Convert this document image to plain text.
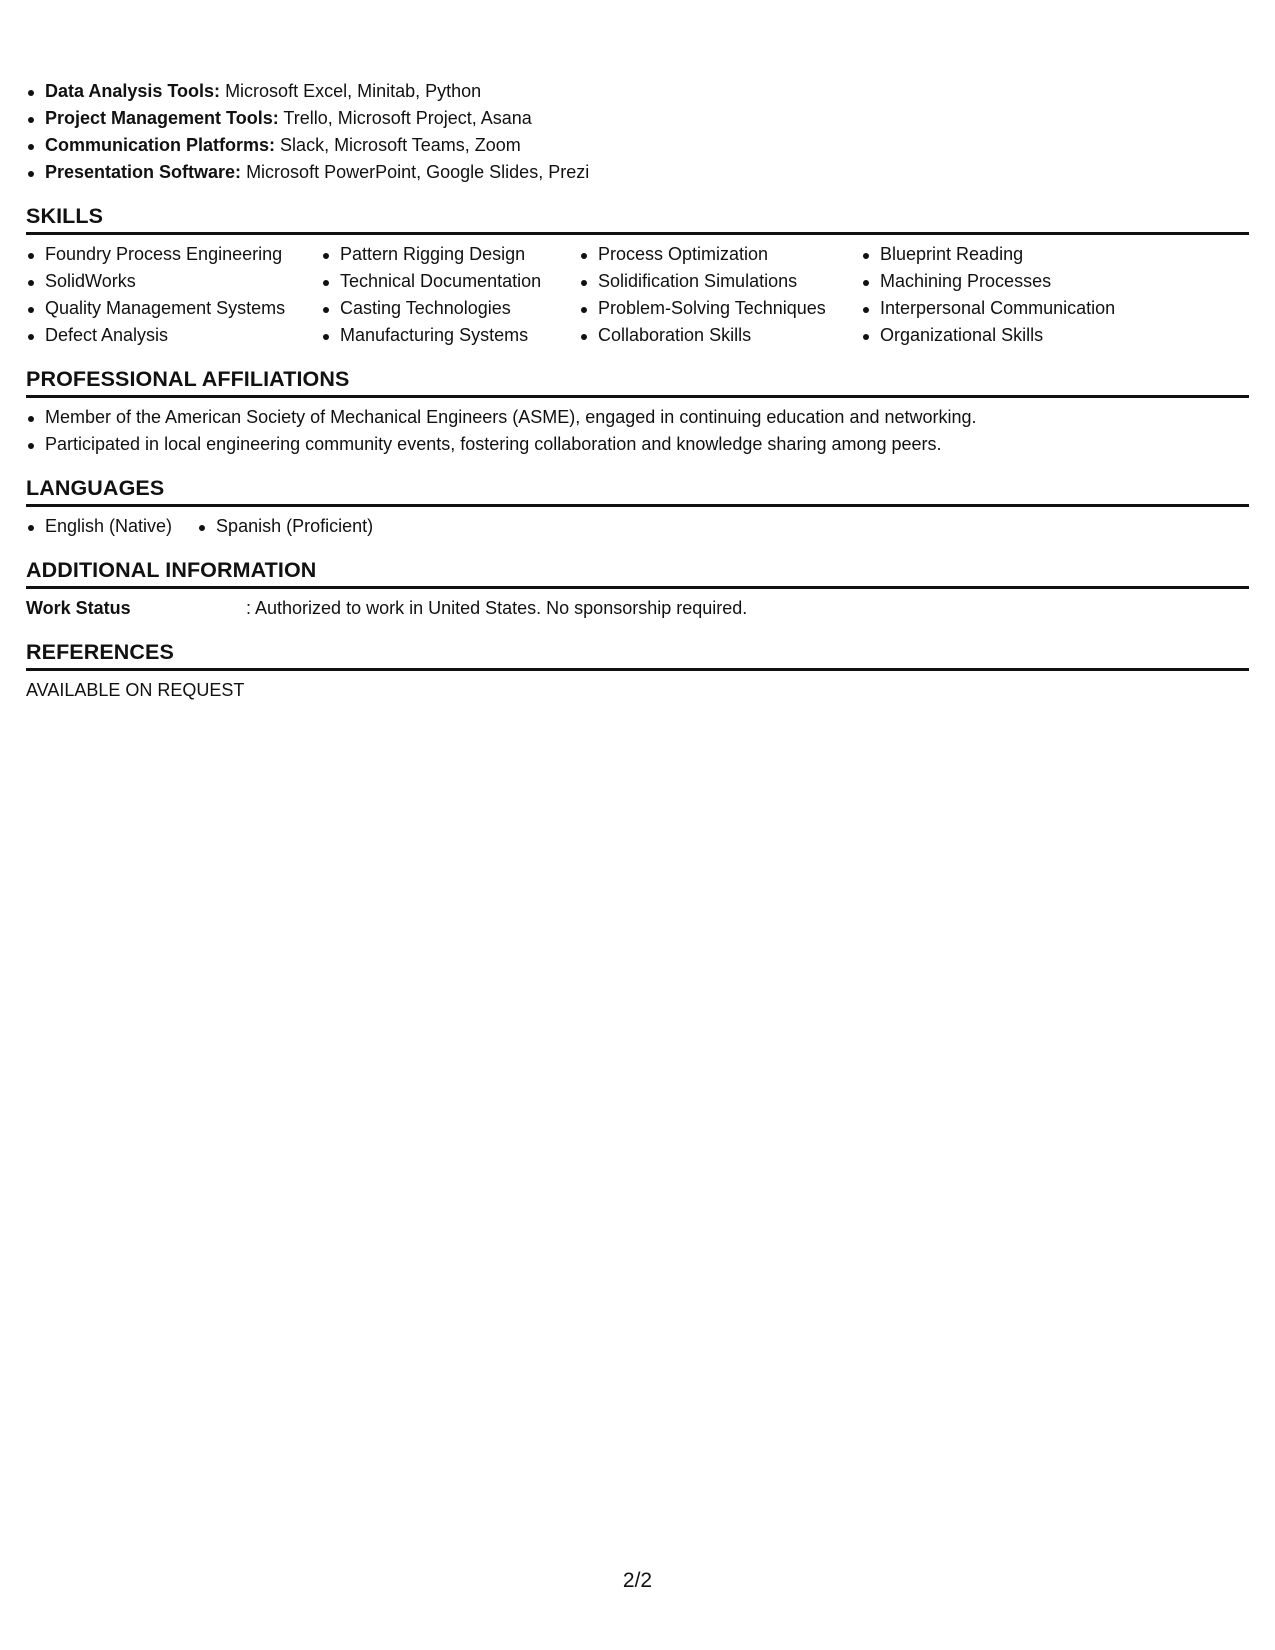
Data Analysis Tools: Microsoft Excel, Minitab, Python
Project Management Tools: Trello, Microsoft Project, Asana
Communication Platforms: Slack, Microsoft Teams, Zoom
Presentation Software: Microsoft PowerPoint, Google Slides, Prezi
SKILLS
Foundry Process Engineering
SolidWorks
Quality Management Systems
Defect Analysis
Pattern Rigging Design
Technical Documentation
Casting Technologies
Manufacturing Systems
Process Optimization
Solidification Simulations
Problem-Solving Techniques
Collaboration Skills
Blueprint Reading
Machining Processes
Interpersonal Communication
Organizational Skills
PROFESSIONAL AFFILIATIONS
Member of the American Society of Mechanical Engineers (ASME), engaged in continuing education and networking.
Participated in local engineering community events, fostering collaboration and knowledge sharing among peers.
LANGUAGES
English (Native)	Spanish (Proficient)
ADDITIONAL INFORMATION
Work Status	: Authorized to work in United States. No sponsorship required.
REFERENCES
AVAILABLE ON REQUEST
2/2
